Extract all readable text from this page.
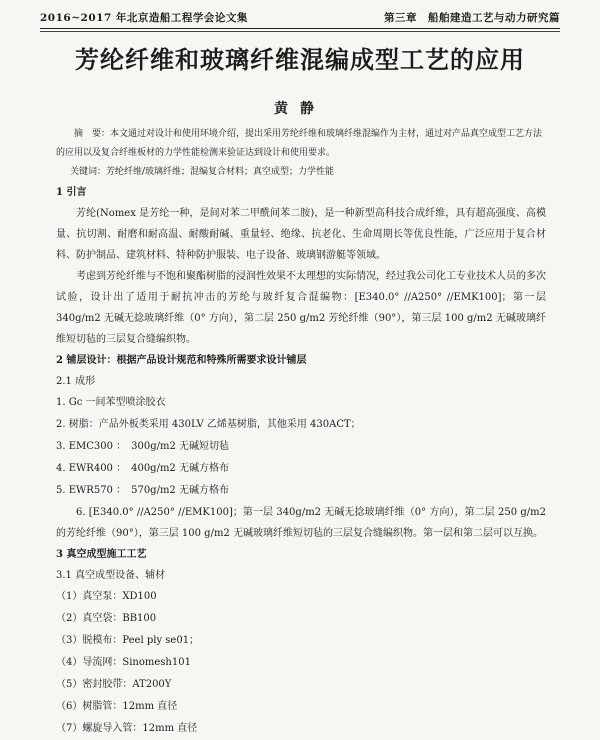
2016~2017 年北京造船工程学会论文集	第三章　船舶建造工艺与动力研究篇
芳纶纤维和玻璃纤维混编成型工艺的应用
黄静

摘　要：本文通过对设计和使用环境介绍，提出采用芳纶纤维和玻璃纤维混编作为主材，通过对产品真空成型工艺方法的应用以及复合纤维板材的力学性能检测来验证达到设计和使用要求。

关键词：芳纶纤维/玻璃纤维；混编复合材料；真空成型；力学性能

1 引言

芳纶(Nomex 是芳纶一种，是间对苯二甲酰间苯二胺)，是一种新型高科技合成纤维，具有超高强度、高模量、抗切割、耐磨和耐高温、耐酸耐碱、重量轻、绝缘、抗老化、生命周期长等优良性能，广泛应用于复合材料、防护制品、建筑材料、特种防护服装、电子设备、玻璃钢游艇等领域。

考虑到芳纶纤维与不饱和聚酯树脂的浸润性效果不太理想的实际情况，经过我公司化工专业技术人员的多次试验，设计出了适用于耐抗冲击的芳纶与玻纤复合混编物：[E340.0° //A250° //EMK100]；第一层 340g/m2 无碱无捻玻璃纤维（0° 方向），第二层 250 g/m2 芳纶纤维（90°），第三层 100 g/m2 无碱玻璃纤维短切毡的三层复合缝编织物。

2 铺层设计：根据产品设计规范和特殊所需要求设计铺层

2.1 成形

1. Gc 一间苯型喷涂胶衣

2. 树脂：产品外板类采用 430LV 乙烯基树脂，其他采用 430ACT；

3. EMC300 ：　300g/m2 无碱短切毡

4. EWR400 ：　400g/m2 无碱方格布

5. EWR570 ：　570g/m2 无碱方格布

6. [E340.0° //A250° //EMK100]；第一层 340g/m2 无碱无捻玻璃纤维（0° 方向），第二层 250 g/m2 的芳纶纤维（90°），第三层 100 g/m2 无碱玻璃纤维短切毡的三层复合缝编织物。第一层和第二层可以互换。

3 真空成型施工工艺

3.1 真空成型设备、辅材

（1）真空泵：XD100

（2）真空袋：BB100

（3）脱模布：Peel ply se01；

（4）导流网：Sinomesh101

（5）密封胶带：AT200Y

（6）树脂管：12mm 直径

（7）螺旋导入管：12mm 直径
